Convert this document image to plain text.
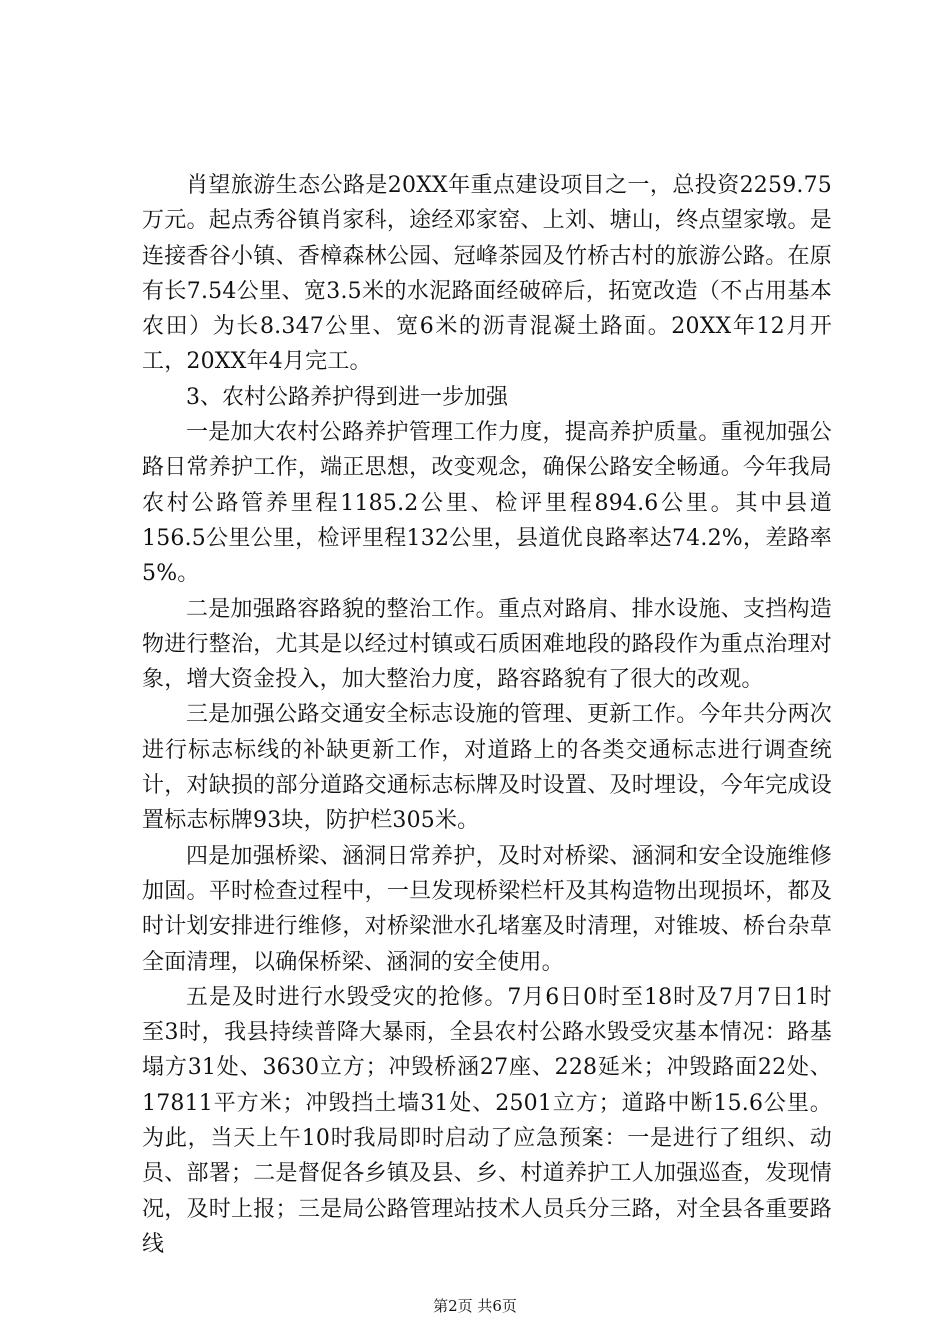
肖望旅游生态公路是20XX年重点建设项目之一，总投资2259.75万元。起点秀谷镇肖家科，途经邓家窑、上刘、塘山，终点望家墩。是连接香谷小镇、香樟森林公园、冠峰茶园及竹桥古村的旅游公路。在原有长7.54公里、宽3.5米的水泥路面经破碎后，拓宽改造（不占用基本农田）为长8.347公里、宽6米的沥青混凝土路面。20XX年12月开工，20XX年4月完工。

3、农村公路养护得到进一步加强

一是加大农村公路养护管理工作力度，提高养护质量。重视加强公路日常养护工作，端正思想，改变观念，确保公路安全畅通。今年我局农村公路管养里程1185.2公里、检评里程894.6公里。其中县道156.5公里公里，检评里程132公里，县道优良路率达74.2%，差路率5%。

二是加强路容路貌的整治工作。重点对路肩、排水设施、支挡构造物进行整治，尤其是以经过村镇或石质困难地段的路段作为重点治理对象，增大资金投入，加大整治力度，路容路貌有了很大的改观。

三是加强公路交通安全标志设施的管理、更新工作。今年共分两次进行标志标线的补缺更新工作，对道路上的各类交通标志进行调查统计，对缺损的部分道路交通标志标牌及时设置、及时埋设，今年完成设置标志标牌93块，防护栏305米。

四是加强桥梁、涵洞日常养护，及时对桥梁、涵洞和安全设施维修加固。平时检查过程中，一旦发现桥梁栏杆及其构造物出现损坏，都及时计划安排进行维修，对桥梁泄水孔堵塞及时清理，对锥坡、桥台杂草全面清理，以确保桥梁、涵洞的安全使用。

五是及时进行水毁受灾的抢修。7月6日0时至18时及7月7日1时至3时，我县持续普降大暴雨，全县农村公路水毁受灾基本情况：路基塌方31处、3630立方；冲毁桥涵27座、228延米；冲毁路面22处、17811平方米；冲毁挡土墙31处、2501立方；道路中断15.6公里。为此，当天上午10时我局即时启动了应急预案：一是进行了组织、动员、部署；二是督促各乡镇及县、乡、村道养护工人加强巡查，发现情况，及时上报；三是局公路管理站技术人员兵分三路，对全县各重要路线

第2页 共6页
